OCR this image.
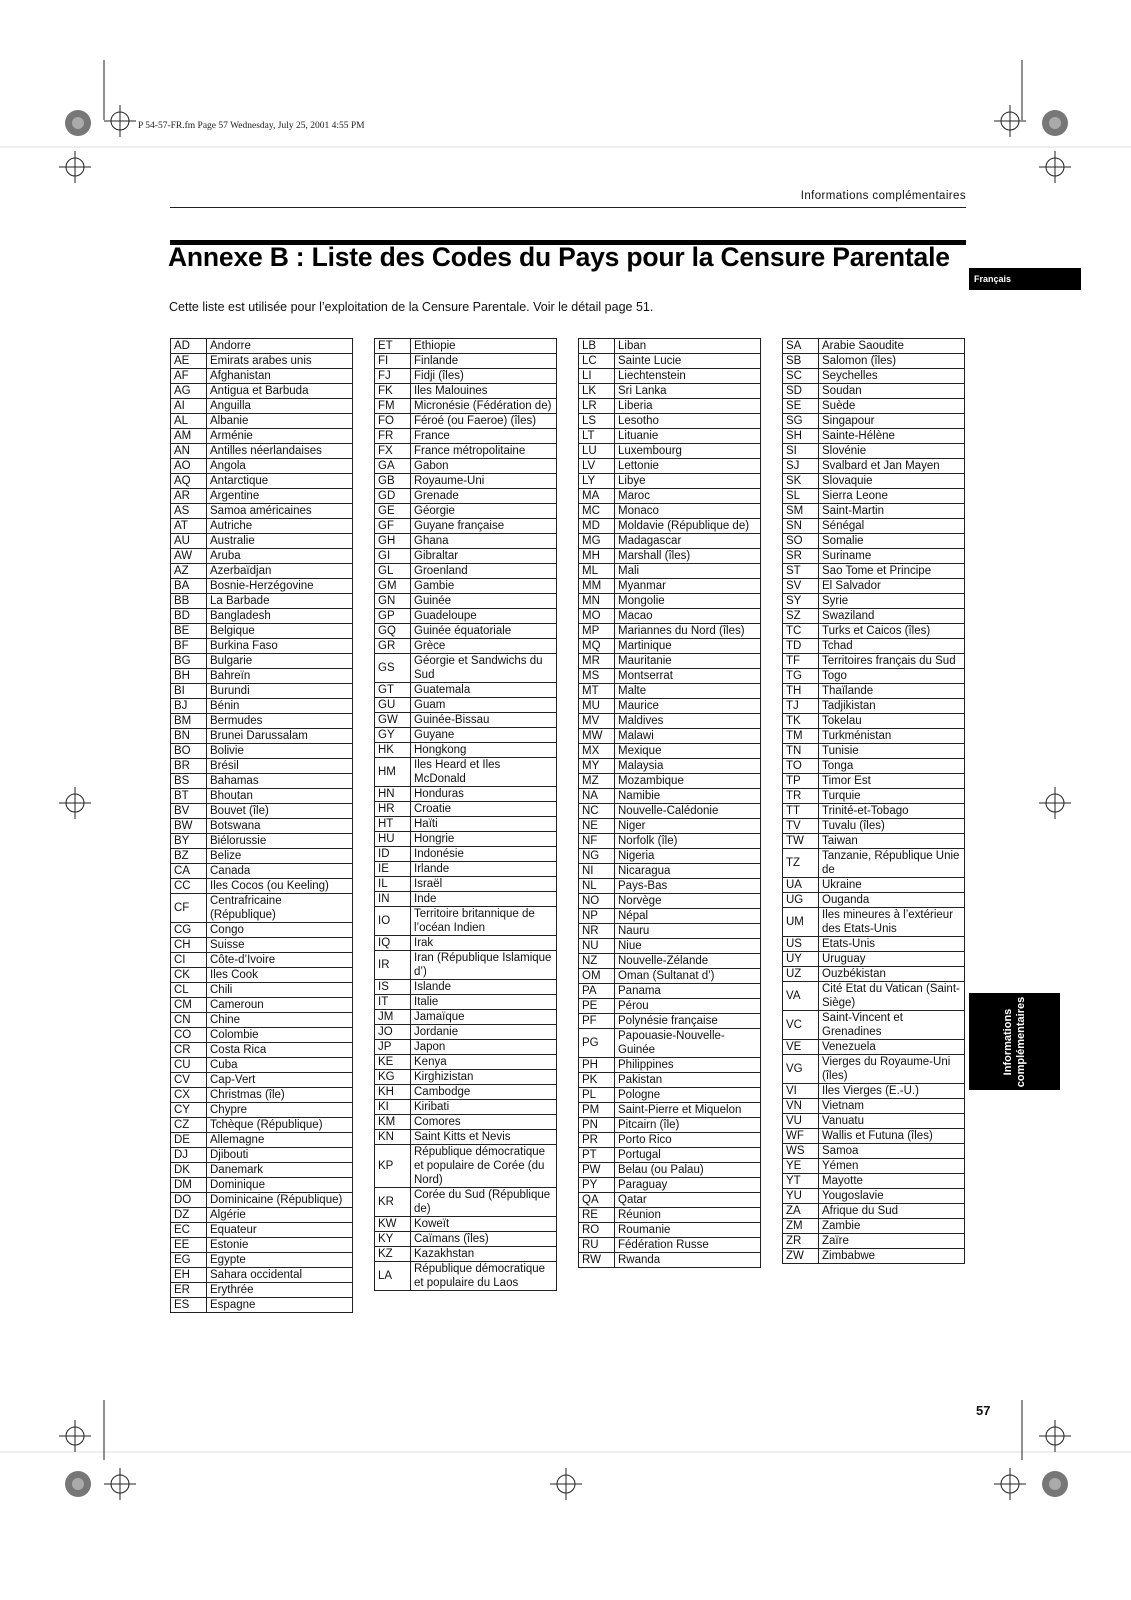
P 54-57-FR.fm Page 57 Wednesday, July 25, 2001 4:55 PM
Informations complémentaires
Annexe B : Liste des Codes du Pays pour la Censure Parentale
Français

Cette liste est utilisée pour l’exploitation de la Censure Parentale. Voir le détail page 51.

AD	Andorre
AE	Emirats arabes unis
AF	Afghanistan
AG	Antigua et Barbuda
AI	Anguilla
AL	Albanie
AM	Arménie
AN	Antilles néerlandaises
AO	Angola
AQ	Antarctique
AR	Argentine
AS	Samoa américaines
AT	Autriche
AU	Australie
AW	Aruba
AZ	Azerbaïdjan
BA	Bosnie-Herzégovine
BB	La Barbade
BD	Bangladesh
BE	Belgique
BF	Burkina Faso
BG	Bulgarie
BH	Bahreïn
BI	Burundi
BJ	Bénin
BM	Bermudes
BN	Brunei Darussalam
BO	Bolivie
BR	Brésil
BS	Bahamas
BT	Bhoutan
BV	Bouvet (île)
BW	Botswana
BY	Biélorussie
BZ	Belize
CA	Canada
CC	Iles Cocos (ou Keeling)
CF	Centrafricaine (République)
CG	Congo
CH	Suisse
CI	Côte-d’Ivoire
CK	Iles Cook
CL	Chili
CM	Cameroun
CN	Chine
CO	Colombie
CR	Costa Rica
CU	Cuba
CV	Cap-Vert
CX	Christmas (île)
CY	Chypre
CZ	Tchèque (République)
DE	Allemagne
DJ	Djibouti
DK	Danemark
DM	Dominique
DO	Dominicaine (République)
DZ	Algérie
EC	Equateur
EE	Estonie
EG	Egypte
EH	Sahara occidental
ER	Erythrée
ES	Espagne
ET	Ethiopie
FI	Finlande
FJ	Fidji (îles)
FK	Iles Malouines
FM	Micronésie (Fédération de)
FO	Féroé (ou Faeroe) (îles)
FR	France
FX	France métropolitaine
GA	Gabon
GB	Royaume-Uni
GD	Grenade
GE	Géorgie
GF	Guyane française
GH	Ghana
GI	Gibraltar
GL	Groenland
GM	Gambie
GN	Guinée
GP	Guadeloupe
GQ	Guinée équatoriale
GR	Grèce
GS	Géorgie et Sandwichs du Sud
GT	Guatemala
GU	Guam
GW	Guinée-Bissau
GY	Guyane
HK	Hongkong
HM	Iles Heard et Iles McDonald
HN	Honduras
HR	Croatie
HT	Haïti
HU	Hongrie
ID	Indonésie
IE	Irlande
IL	Israël
IN	Inde
IO	Territoire britannique de l’océan Indien
IQ	Irak
IR	Iran (République Islamique d’)
IS	Islande
IT	Italie
JM	Jamaïque
JO	Jordanie
JP	Japon
KE	Kenya
KG	Kirghizistan
KH	Cambodge
KI	Kiribati
KM	Comores
KN	Saint Kitts et Nevis
KP	République démocratique et populaire de Corée (du Nord)
KR	Corée du Sud (République de)
KW	Koweït
KY	Caïmans (îles)
KZ	Kazakhstan
LA	République démocratique et populaire du Laos
LB	Liban
LC	Sainte Lucie
LI	Liechtenstein
LK	Sri Lanka
LR	Liberia
LS	Lesotho
LT	Lituanie
LU	Luxembourg
LV	Lettonie
LY	Libye
MA	Maroc
MC	Monaco
MD	Moldavie (République de)
MG	Madagascar
MH	Marshall (îles)
ML	Mali
MM	Myanmar
MN	Mongolie
MO	Macao
MP	Mariannes du Nord (îles)
MQ	Martinique
MR	Mauritanie
MS	Montserrat
MT	Malte
MU	Maurice
MV	Maldives
MW	Malawi
MX	Mexique
MY	Malaysia
MZ	Mozambique
NA	Namibie
NC	Nouvelle-Calédonie
NE	Niger
NF	Norfolk (île)
NG	Nigeria
NI	Nicaragua
NL	Pays-Bas
NO	Norvège
NP	Népal
NR	Nauru
NU	Niue
NZ	Nouvelle-Zélande
OM	Oman (Sultanat d’)
PA	Panama
PE	Pérou
PF	Polynésie française
PG	Papouasie-Nouvelle-Guinée
PH	Philippines
PK	Pakistan
PL	Pologne
PM	Saint-Pierre et Miquelon
PN	Pitcairn (île)
PR	Porto Rico
PT	Portugal
PW	Belau (ou Palau)
PY	Paraguay
QA	Qatar
RE	Réunion
RO	Roumanie
RU	Fédération Russe
RW	Rwanda
SA	Arabie Saoudite
SB	Salomon (îles)
SC	Seychelles
SD	Soudan
SE	Suède
SG	Singapour
SH	Sainte-Hélène
SI	Slovénie
SJ	Svalbard et Jan Mayen
SK	Slovaquie
SL	Sierra Leone
SM	Saint-Martin
SN	Sénégal
SO	Somalie
SR	Suriname
ST	Sao Tome et Principe
SV	El Salvador
SY	Syrie
SZ	Swaziland
TC	Turks et Caicos (îles)
TD	Tchad
TF	Territoires français du Sud
TG	Togo
TH	Thaïlande
TJ	Tadjikistan
TK	Tokelau
TM	Turkménistan
TN	Tunisie
TO	Tonga
TP	Timor Est
TR	Turquie
TT	Trinité-et-Tobago
TV	Tuvalu (îles)
TW	Taiwan
TZ	Tanzanie, République Unie de
UA	Ukraine
UG	Ouganda
UM	Iles mineures à l’extérieur des Etats-Unis
US	Etats-Unis
UY	Uruguay
UZ	Ouzbékistan
VA	Cité Etat du Vatican (Saint-Siège)
VC	Saint-Vincent et Grenadines
VE	Venezuela
VG	Vierges du Royaume-Uni (îles)
VI	Iles Vierges (E.-U.)
VN	Vietnam
VU	Vanuatu
WF	Wallis et Futuna (îles)
WS	Samoa
YE	Yémen
YT	Mayotte
YU	Yougoslavie
ZA	Afrique du Sud
ZM	Zambie
ZR	Zaïre
ZW	Zimbabwe
Informations complémentaires
57
